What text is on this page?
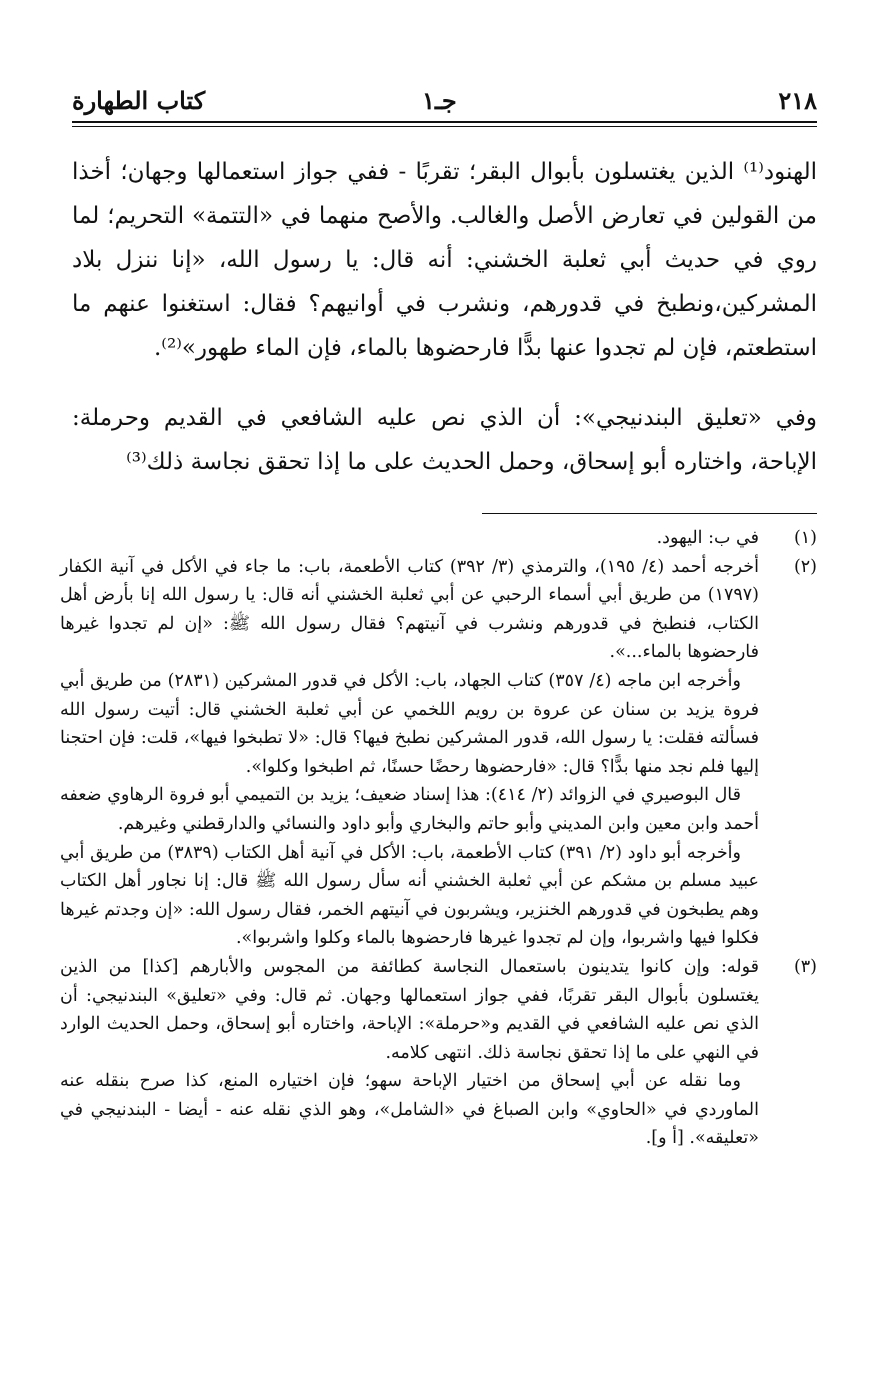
٢١٨
جـ١
كتاب الطهارة

الهنود⁽¹⁾ الذين يغتسلون بأبوال البقر؛ تقربًا - ففي جواز استعمالها وجهان؛ أخذا من القولين في تعارض الأصل والغالب. والأصح منهما في «التتمة» التحريم؛ لما روي في حديث أبي ثعلبة الخشني: أنه قال: يا رسول الله، «إنا ننزل بلاد المشركين،ونطبخ في قدورهم، ونشرب في أوانيهم؟ فقال: استغنوا عنهم ما استطعتم، فإن لم تجدوا عنها بدًّا فارحضوها بالماء، فإن الماء طهور»⁽²⁾.

وفي «تعليق البندنيجي»: أن الذي نص عليه الشافعي في القديم وحرملة: الإباحة، واختاره أبو إسحاق، وحمل الحديث على ما إذا تحقق نجاسة ذلك⁽³⁾

(١)

في ب: اليهود.

(٢)

أخرجه أحمد (٤/ ١٩٥)، والترمذي (٣/ ٣٩٢) كتاب الأطعمة، باب: ما جاء في الأكل في آنية الكفار (١٧٩٧) من طريق أبي أسماء الرحبي عن أبي ثعلبة الخشني أنه قال: يا رسول الله إنا بأرض أهل الكتاب، فنطبخ في قدورهم ونشرب في آنيتهم؟ فقال رسول الله ﷺ: «إن لم تجدوا غيرها فارحضوها بالماء...».

وأخرجه ابن ماجه (٤/ ٣٥٧) كتاب الجهاد، باب: الأكل في قدور المشركين (٢٨٣١) من طريق أبي فروة يزيد بن سنان عن عروة بن رويم اللخمي عن أبي ثعلبة الخشني قال: أتيت رسول الله فسألته فقلت: يا رسول الله، قدور المشركين نطبخ فيها؟ قال: «لا تطبخوا فيها»، قلت: فإن احتجنا إليها فلم نجد منها بدًّا؟ قال: «فارحضوها رحضًا حسنًا، ثم اطبخوا وكلوا».

قال البوصيري في الزوائد (٢/ ٤١٤): هذا إسناد ضعيف؛ يزيد بن التميمي أبو فروة الرهاوي ضعفه أحمد وابن معين وابن المديني وأبو حاتم والبخاري وأبو داود والنسائي والدارقطني وغيرهم.

وأخرجه أبو داود (٢/ ٣٩١) كتاب الأطعمة، باب: الأكل في آنية أهل الكتاب (٣٨٣٩) من طريق أبي عبيد مسلم بن مشكم عن أبي ثعلبة الخشني أنه سأل رسول الله ﷺ قال: إنا نجاور أهل الكتاب وهم يطبخون في قدورهم الخنزير، ويشربون في آنيتهم الخمر، فقال رسول الله: «إن وجدتم غيرها فكلوا فيها واشربوا، وإن لم تجدوا غيرها فارحضوها بالماء وكلوا واشربوا».

(٣)

قوله: وإن كانوا يتدينون باستعمال النجاسة كطائفة من المجوس والأبارهم [كذا] من الذين يغتسلون بأبوال البقر تقربًا، ففي جواز استعمالها وجهان. ثم قال: وفي «تعليق» البندنيجي: أن الذي نص عليه الشافعي في القديم و«حرملة»: الإباحة، واختاره أبو إسحاق، وحمل الحديث الوارد في النهي على ما إذا تحقق نجاسة ذلك. انتهى كلامه.

وما نقله عن أبي إسحاق من اختيار الإباحة سهو؛ فإن اختياره المنع، كذا صرح بنقله عنه الماوردي في «الحاوي» وابن الصباغ في «الشامل»، وهو الذي نقله عنه - أيضا - البندنيجي في «تعليقه». [أ و].
